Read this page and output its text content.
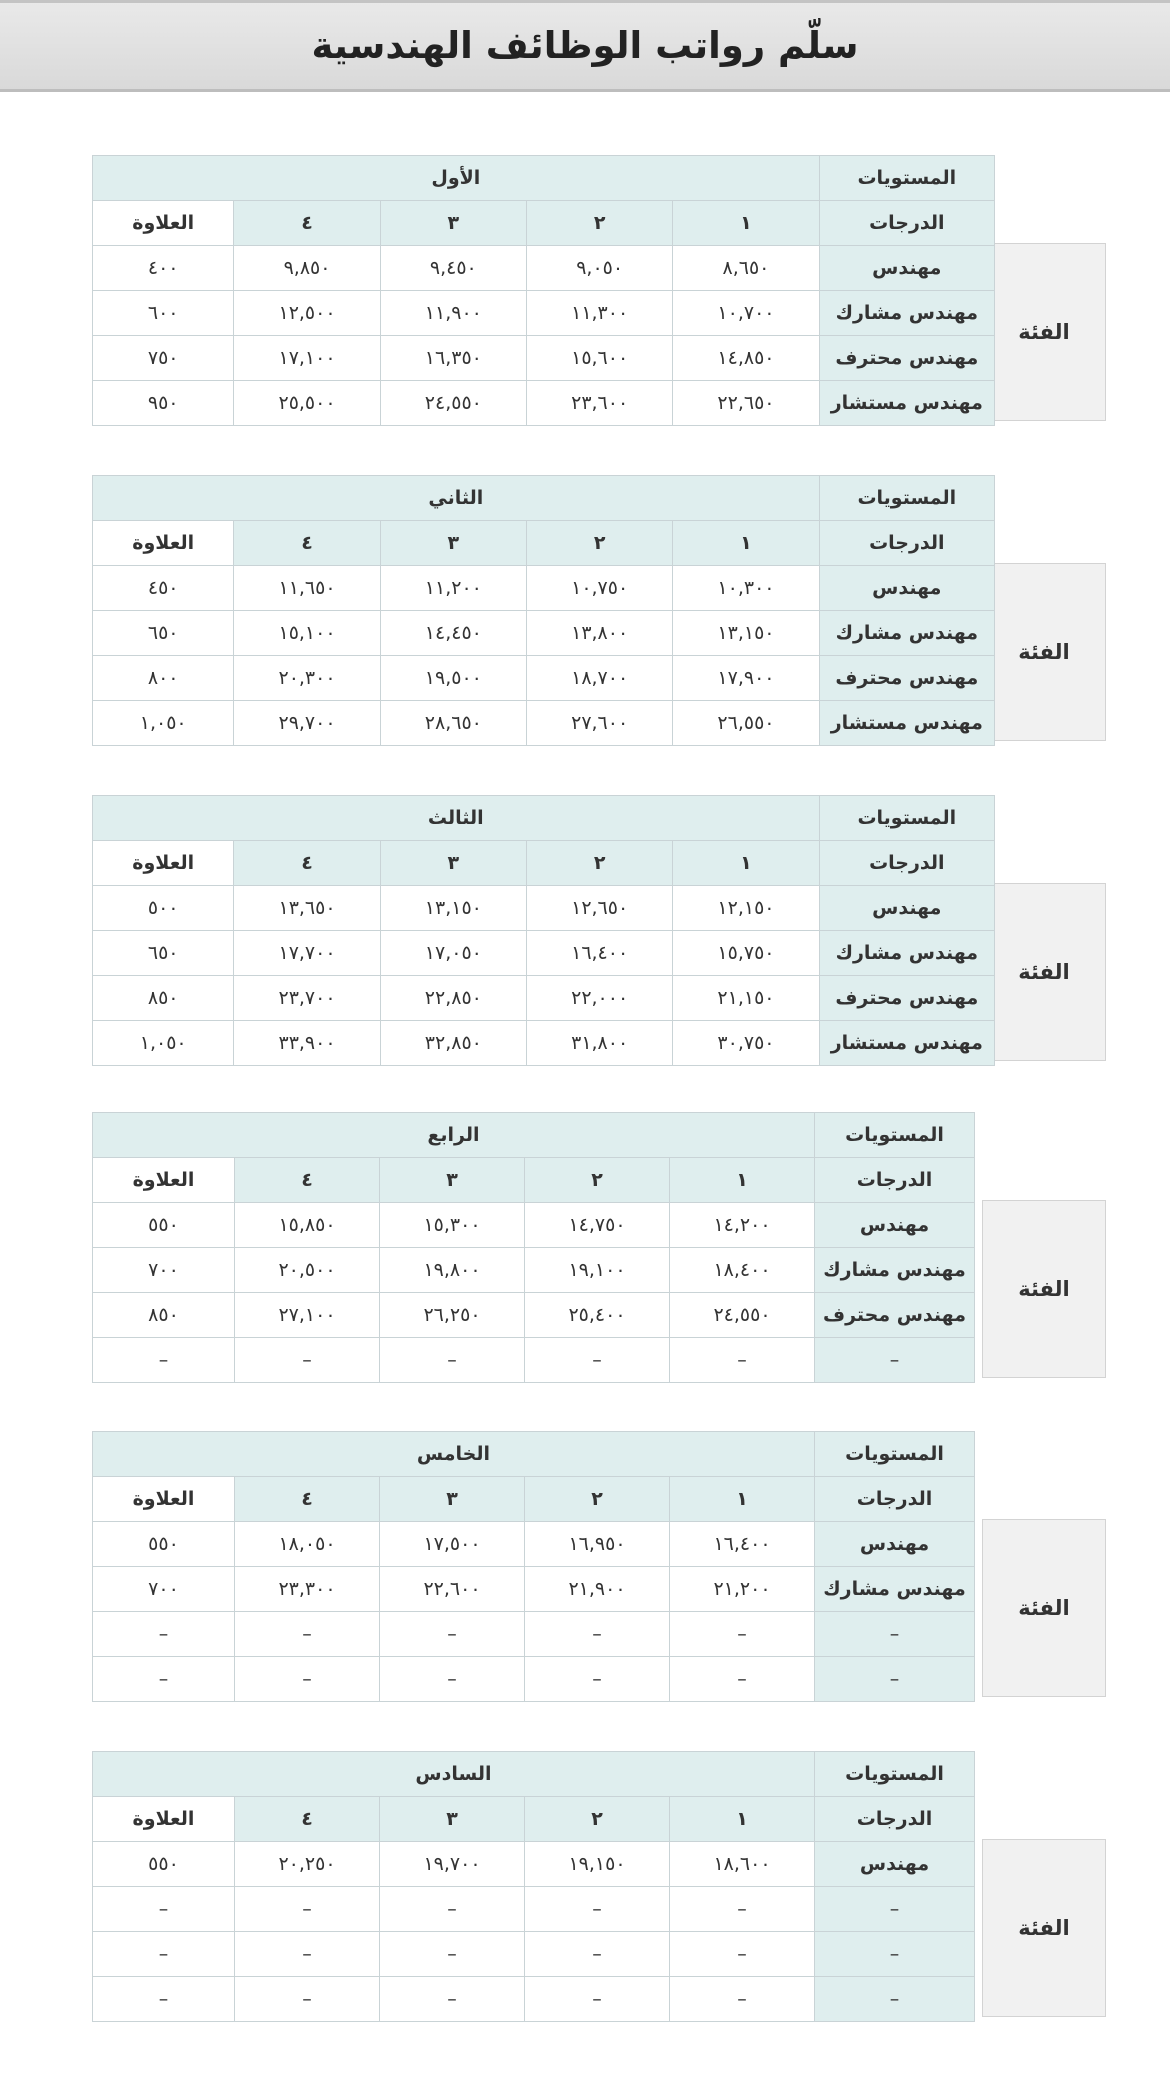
سلّم رواتب الوظائف الهندسية
الفئة
المستويات	الأول				
الدرجات	١	٢	٣	٤	العلاوة
مهندس	٨,٦٥٠	٩,٠٥٠	٩,٤٥٠	٩,٨٥٠	٤٠٠
مهندس مشارك	١٠,٧٠٠	١١,٣٠٠	١١,٩٠٠	١٢,٥٠٠	٦٠٠
مهندس محترف	١٤,٨٥٠	١٥,٦٠٠	١٦,٣٥٠	١٧,١٠٠	٧٥٠
مهندس مستشار	٢٢,٦٥٠	٢٣,٦٠٠	٢٤,٥٥٠	٢٥,٥٠٠	٩٥٠
الفئة
المستويات	الثاني				
الدرجات	١	٢	٣	٤	العلاوة
مهندس	١٠,٣٠٠	١٠,٧٥٠	١١,٢٠٠	١١,٦٥٠	٤٥٠
مهندس مشارك	١٣,١٥٠	١٣,٨٠٠	١٤,٤٥٠	١٥,١٠٠	٦٥٠
مهندس محترف	١٧,٩٠٠	١٨,٧٠٠	١٩,٥٠٠	٢٠,٣٠٠	٨٠٠
مهندس مستشار	٢٦,٥٥٠	٢٧,٦٠٠	٢٨,٦٥٠	٢٩,٧٠٠	١,٠٥٠
الفئة
المستويات	الثالث				
الدرجات	١	٢	٣	٤	العلاوة
مهندس	١٢,١٥٠	١٢,٦٥٠	١٣,١٥٠	١٣,٦٥٠	٥٠٠
مهندس مشارك	١٥,٧٥٠	١٦,٤٠٠	١٧,٠٥٠	١٧,٧٠٠	٦٥٠
مهندس محترف	٢١,١٥٠	٢٢,٠٠٠	٢٢,٨٥٠	٢٣,٧٠٠	٨٥٠
مهندس مستشار	٣٠,٧٥٠	٣١,٨٠٠	٣٢,٨٥٠	٣٣,٩٠٠	١,٠٥٠
الفئة
المستويات	الرابع				
الدرجات	١	٢	٣	٤	العلاوة
مهندس	١٤,٢٠٠	١٤,٧٥٠	١٥,٣٠٠	١٥,٨٥٠	٥٥٠
مهندس مشارك	١٨,٤٠٠	١٩,١٠٠	١٩,٨٠٠	٢٠,٥٠٠	٧٠٠
مهندس محترف	٢٤,٥٥٠	٢٥,٤٠٠	٢٦,٢٥٠	٢٧,١٠٠	٨٥٠
–	–	–	–	–	–
الفئة
المستويات	الخامس				
الدرجات	١	٢	٣	٤	العلاوة
مهندس	١٦,٤٠٠	١٦,٩٥٠	١٧,٥٠٠	١٨,٠٥٠	٥٥٠
مهندس مشارك	٢١,٢٠٠	٢١,٩٠٠	٢٢,٦٠٠	٢٣,٣٠٠	٧٠٠
–	–	–	–	–	–
–	–	–	–	–	–
الفئة
المستويات	السادس				
الدرجات	١	٢	٣	٤	العلاوة
مهندس	١٨,٦٠٠	١٩,١٥٠	١٩,٧٠٠	٢٠,٢٥٠	٥٥٠
–	–	–	–	–	–
–	–	–	–	–	–
–	–	–	–	–	–
